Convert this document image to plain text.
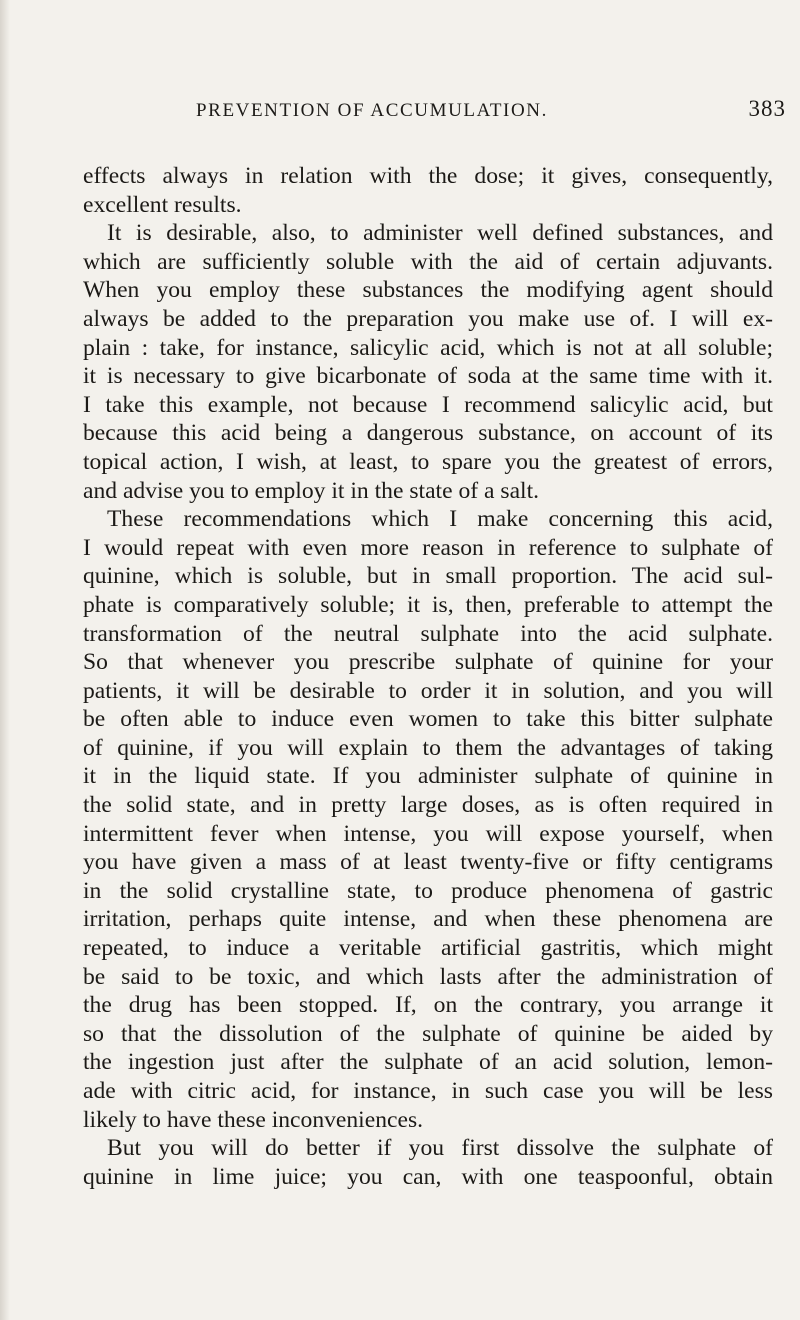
PREVENTION OF ACCUMULATION.	383
effects always in relation with the dose; it gives, consequently,
excellent results.
It is desirable, also, to administer well defined substances, and
which are sufficiently soluble with the aid of certain adjuvants.
When you employ these substances the modifying agent should
always be added to the preparation you make use of. I will ex-
plain : take, for instance, salicylic acid, which is not at all soluble;
it is necessary to give bicarbonate of soda at the same time with it.
I take this example, not because I recommend salicylic acid, but
because this acid being a dangerous substance, on account of its
topical action, I wish, at least, to spare you the greatest of errors,
and advise you to employ it in the state of a salt.
These recommendations which I make concerning this acid,
I would repeat with even more reason in reference to sulphate of
quinine, which is soluble, but in small proportion. The acid sul-
phate is comparatively soluble; it is, then, preferable to attempt the
transformation of the neutral sulphate into the acid sulphate.
So that whenever you prescribe sulphate of quinine for your
patients, it will be desirable to order it in solution, and you will
be often able to induce even women to take this bitter sulphate
of quinine, if you will explain to them the advantages of taking
it in the liquid state. If you administer sulphate of quinine in
the solid state, and in pretty large doses, as is often required in
intermittent fever when intense, you will expose yourself, when
you have given a mass of at least twenty-five or fifty centigrams
in the solid crystalline state, to produce phenomena of gastric
irritation, perhaps quite intense, and when these phenomena are
repeated, to induce a veritable artificial gastritis, which might
be said to be toxic, and which lasts after the administration of
the drug has been stopped. If, on the contrary, you arrange it
so that the dissolution of the sulphate of quinine be aided by
the ingestion just after the sulphate of an acid solution, lemon-
ade with citric acid, for instance, in such case you will be less
likely to have these inconveniences.
But you will do better if you first dissolve the sulphate of
quinine in lime juice; you can, with one teaspoonful, obtain
